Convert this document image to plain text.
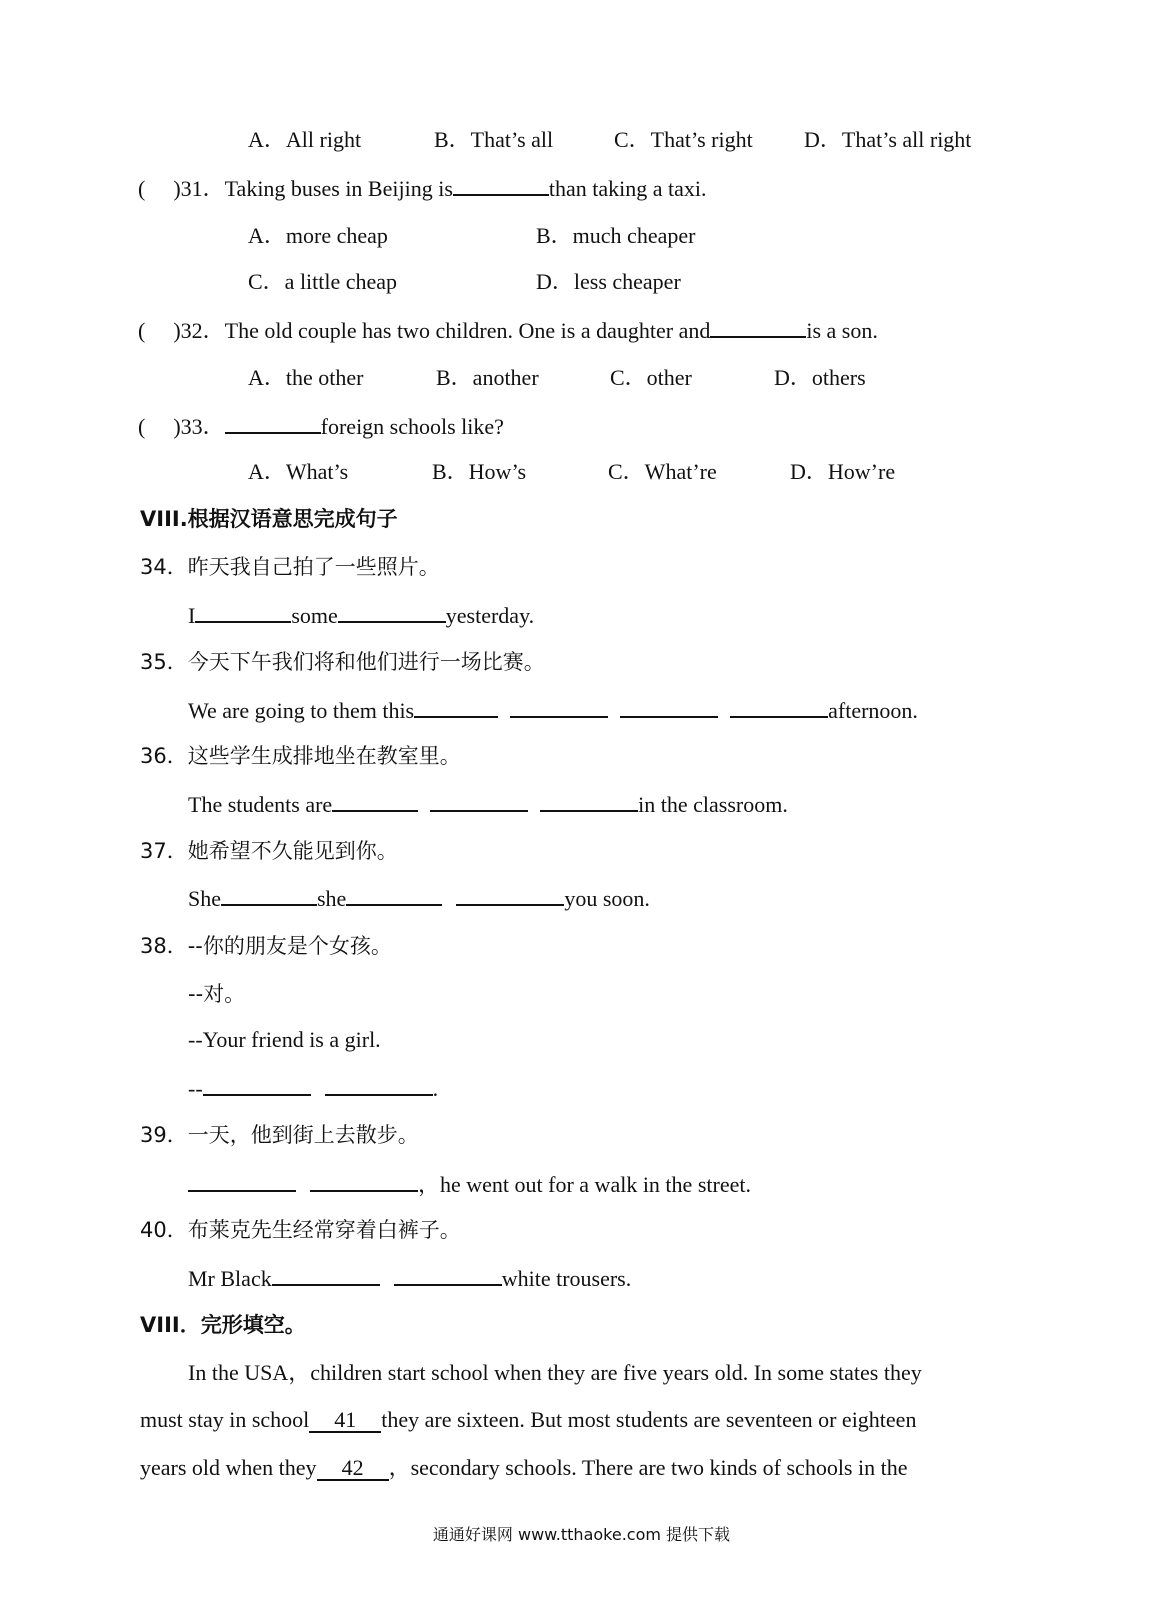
A．All right	B．That’s all	C．That’s right D．That’s all right
( )31．Taking buses in Beijing is	than taking a taxi.
A．more cheap	B．much cheaper
C．a little cheap	D．less cheaper
( )32．The old couple has two children. One is a daughter and	is a son.
A．the other	B．another	C．other	D．others
( )33．	foreign schools like?
A．What’s	B．How’s	C．What’re	D．How’re
VIII.根据汉语意思完成句子
34．昨天我自己拍了一些照片。
I	some	yesterday.
35．今天下午我们将和他们进行一场比赛。
We are going to them this	afternoon.
36．这些学生成排地坐在教室里。
The students are	in the classroom.
37．她希望不久能见到你。
She	she	you soon.
38．--你的朋友是个女孩。
--对。
--Your friend is a girl.
--	.
39．一天，他到街上去散步。
，he went out for a walk in the street.
40．布莱克先生经常穿着白裤子。
Mr Black	white trousers.
VIII．完形填空。
In the USA，children start school when they are five years old. In some states they
must stay in school 41 they are sixteen. But most students are seventeen or eighteen
years old when they 42 ，secondary schools. There are two kinds of schools in the
通通好课网 www.tthaoke.com 提供下载
